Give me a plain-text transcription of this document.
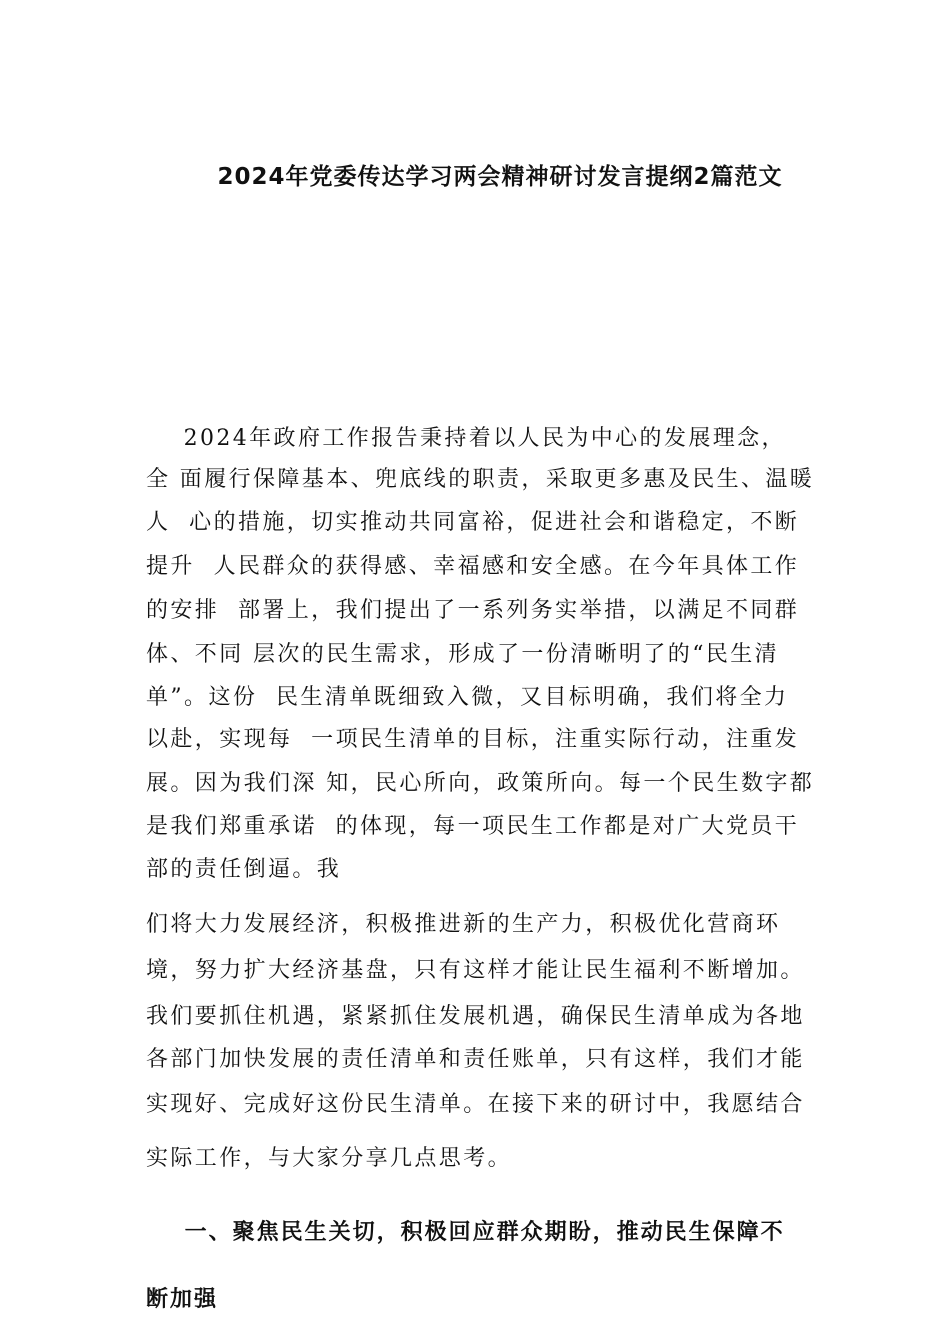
2024年党委传达学习两会精神研讨发言提纲2篇范文

2024年政府工作报告秉持着以人民为中心的发展理念，

全 面履行保障基本、兜底线的职责，采取更多惠及民生、温暖

人  心的措施，切实推动共同富裕，促进社会和谐稳定，不断

提升  人民群众的获得感、幸福感和安全感。在今年具体工作

的安排  部署上，我们提出了一系列务实举措，以满足不同群

体、不同 层次的民生需求，形成了一份清晰明了的“民生清

单”。这份  民生清单既细致入微，又目标明确，我们将全力

以赴，实现每  一项民生清单的目标，注重实际行动，注重发

展。因为我们深 知，民心所向，政策所向。每一个民生数字都

是我们郑重承诺  的体现，每一项民生工作都是对广大党员干

部的责任倒逼。我

们将大力发展经济，积极推进新的生产力，积极优化营商环

境，努力扩大经济基盘，只有这样才能让民生福利不断增加。

我们要抓住机遇，紧紧抓住发展机遇，确保民生清单成为各地

各部门加快发展的责任清单和责任账单，只有这样，我们才能

实现好、完成好这份民生清单。在接下来的研讨中，我愿结合

实际工作，与大家分享几点思考。

一、聚焦民生关切，积极回应群众期盼，推动民生保障不

断加强
